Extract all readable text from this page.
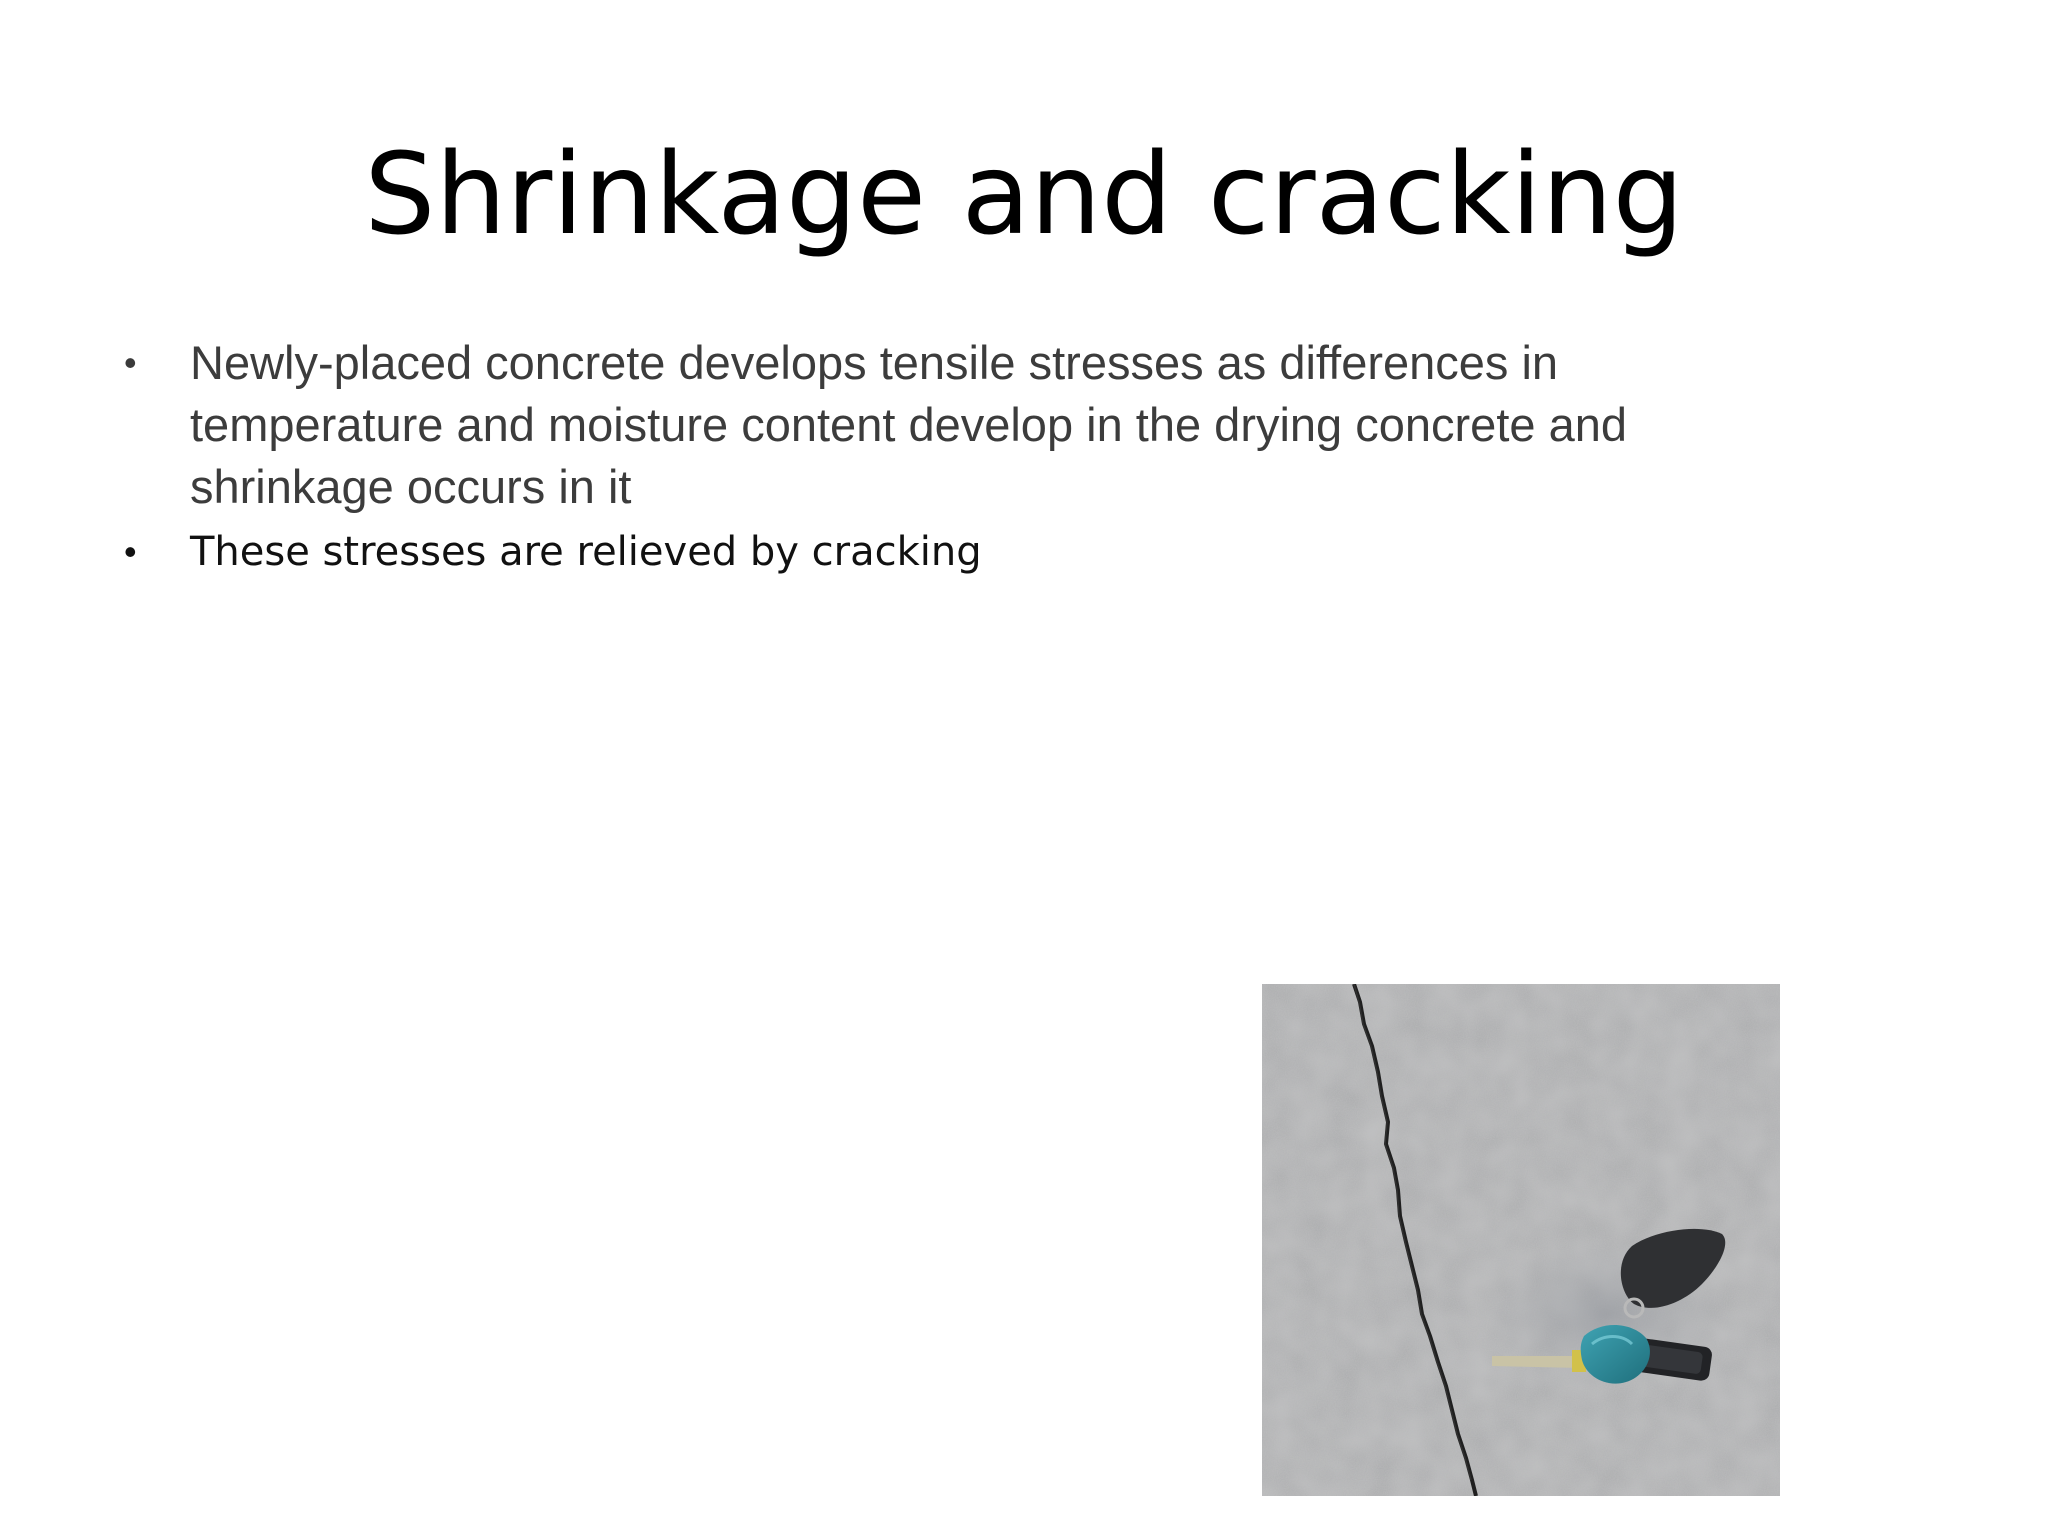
Shrinkage and cracking
• Newly-placed concrete develops tensile stresses as differences in temperature and moisture content develop in the drying concrete and shrinkage occurs in it
• These stresses are relieved by cracking
